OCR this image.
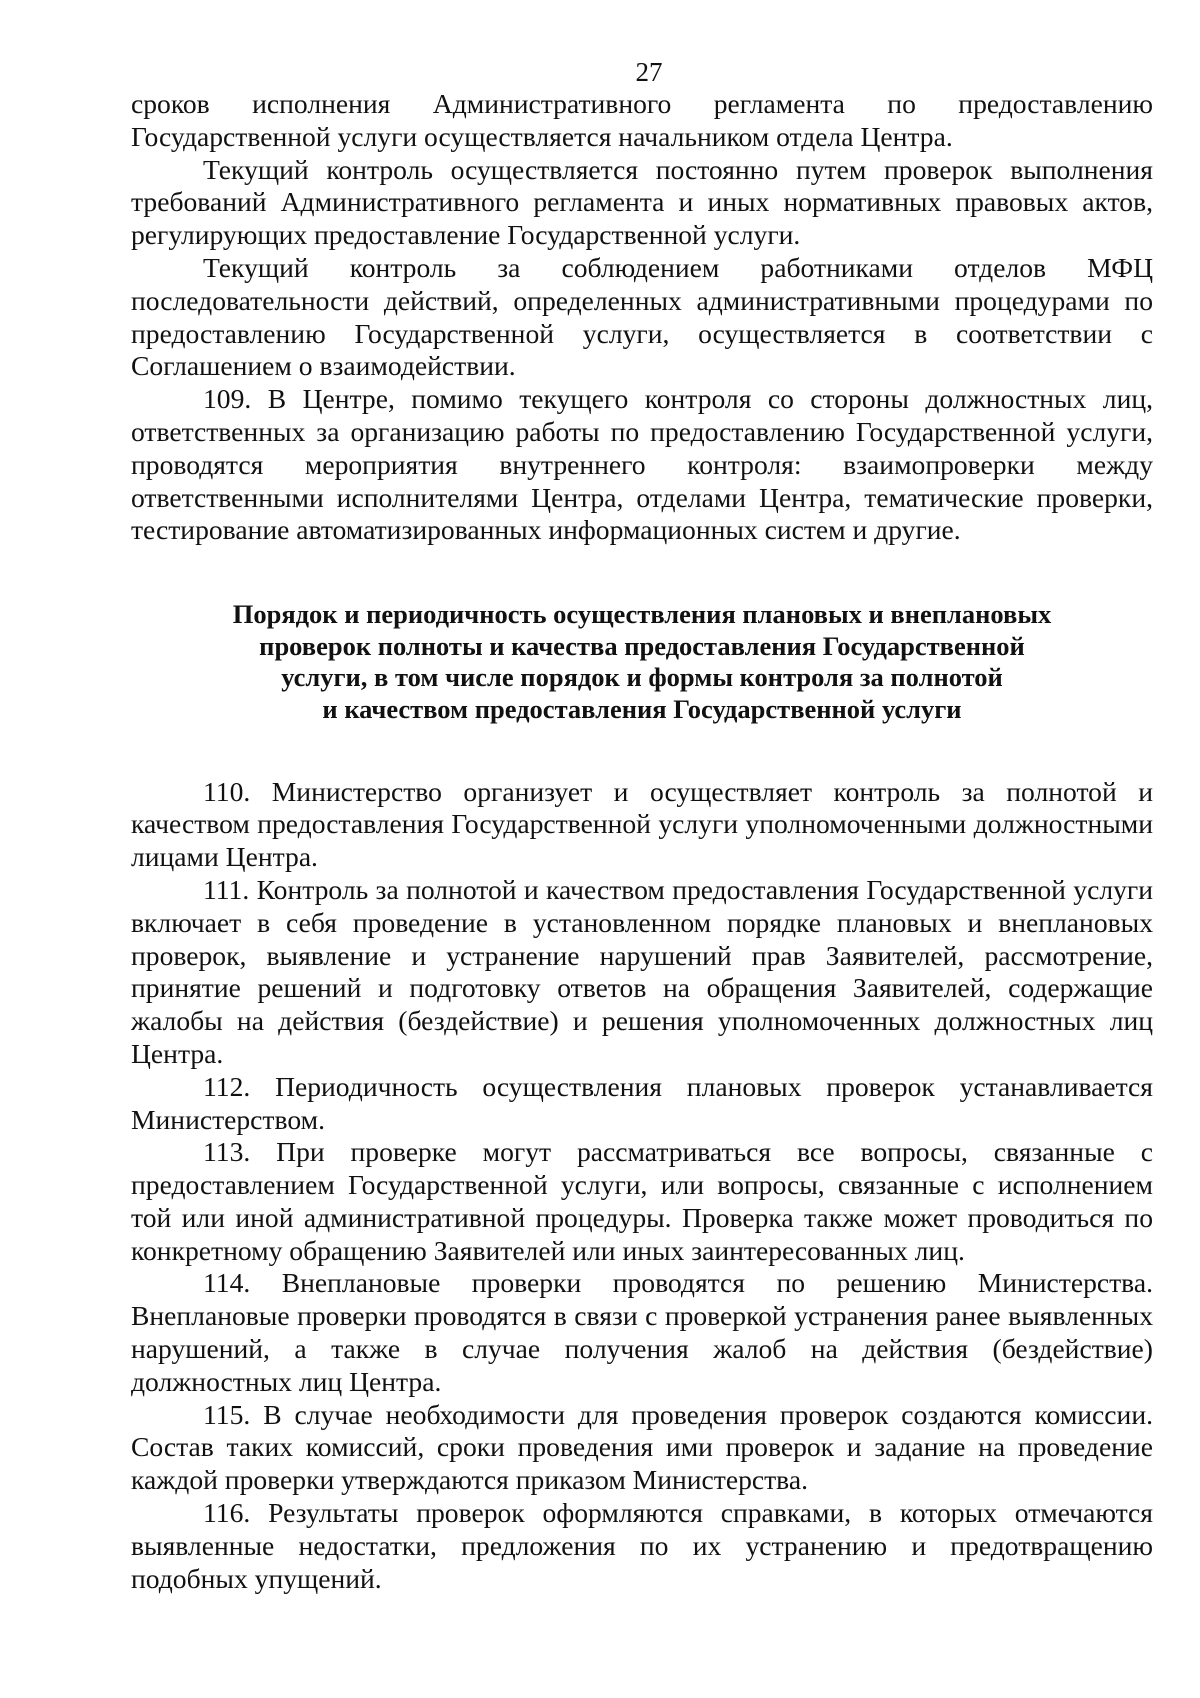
27

сроков исполнения Административного регламента по предоставлению Государственной услуги осуществляется начальником отдела Центра.

Текущий контроль осуществляется постоянно путем проверок выполнения требований Административного регламента и иных нормативных правовых актов, регулирующих предоставление Государственной услуги.

Текущий контроль за соблюдением работниками отделов МФЦ последовательности действий, определенных административными процедурами по предоставлению Государственной услуги, осуществляется в соответствии с Соглашением о взаимодействии.

109. В Центре, помимо текущего контроля со стороны должностных лиц, ответственных за организацию работы по предоставлению Государственной услуги, проводятся мероприятия внутреннего контроля: взаимопроверки между ответственными исполнителями Центра, отделами Центра, тематические проверки, тестирование автоматизированных информационных систем и другие.

Порядок и периодичность осуществления плановых и внеплановых
проверок полноты и качества предоставления Государственной
услуги, в том числе порядок и формы контроля за полнотой
и качеством предоставления Государственной услуги

110. Министерство организует и осуществляет контроль за полнотой и качеством предоставления Государственной услуги уполномоченными должностными лицами Центра.

111. Контроль за полнотой и качеством предоставления Государственной услуги включает в себя проведение в установленном порядке плановых и внеплановых проверок, выявление и устранение нарушений прав Заявителей, рассмотрение, принятие решений и подготовку ответов на обращения Заявителей, содержащие жалобы на действия (бездействие) и решения уполномоченных должностных лиц Центра.

112. Периодичность осуществления плановых проверок устанавливается Министерством.

113. При проверке могут рассматриваться все вопросы, связанные с предоставлением Государственной услуги, или вопросы, связанные с исполнением той или иной административной процедуры. Проверка также может проводиться по конкретному обращению Заявителей или иных заинтересованных лиц.

114. Внеплановые проверки проводятся по решению Министерства. Внеплановые проверки проводятся в связи с проверкой устранения ранее выявленных нарушений, а также в случае получения жалоб на действия (бездействие) должностных лиц Центра.

115. В случае необходимости для проведения проверок создаются комиссии. Состав таких комиссий, сроки проведения ими проверок и задание на проведение каждой проверки утверждаются приказом Министерства.

116. Результаты проверок оформляются справками, в которых отмечаются выявленные недостатки, предложения по их устранению и предотвращению подобных упущений.
